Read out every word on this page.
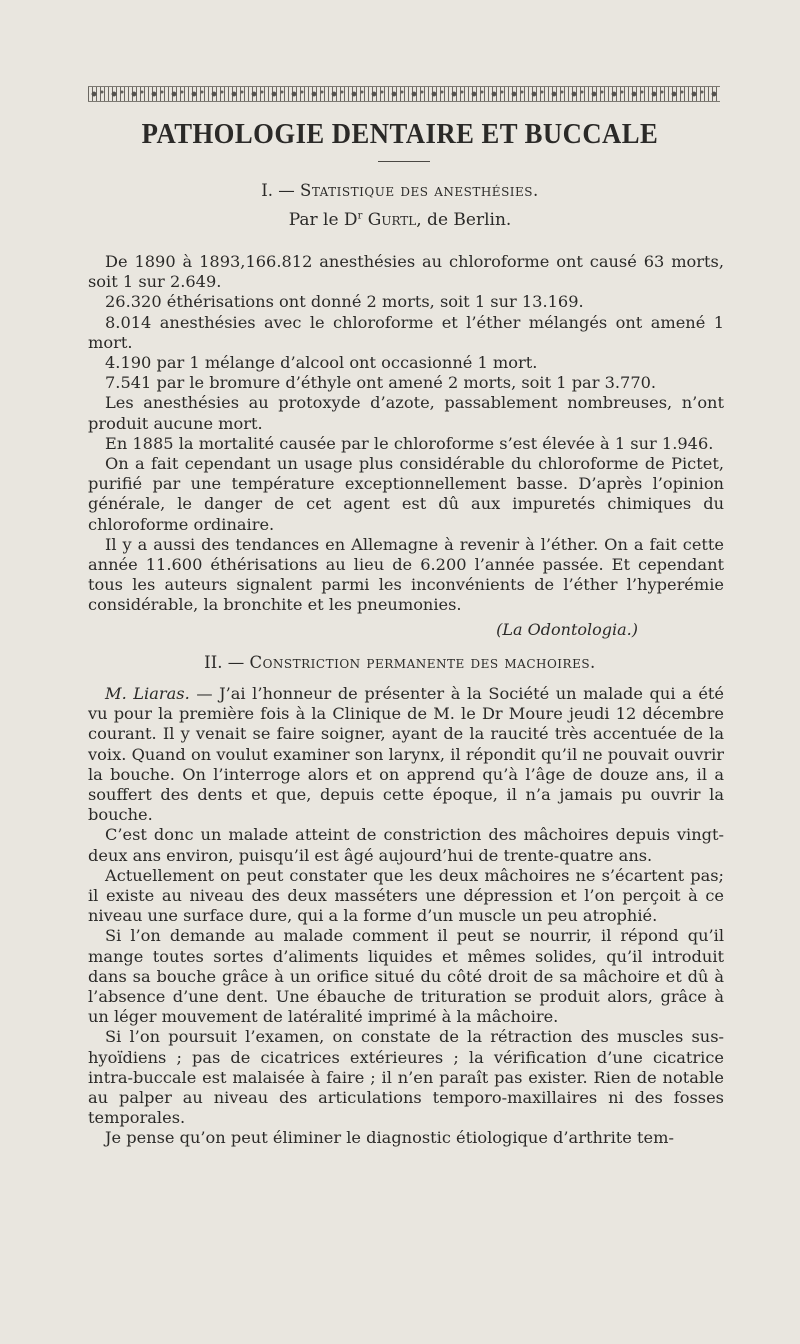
PATHOLOGIE DENTAIRE ET BUCCALE
I. — Statistique des anesthésies.
Par le $D^r$ Gurtl, de Berlin.

De 1890 à 1893,166.812 anesthésies au chloroforme ont causé 63 morts, soit 1 sur 2.649.

26.320 éthérisations ont donné 2 morts, soit 1 sur 13.169.

8.014 anesthésies avec le chloroforme et l’éther mélangés ont amené 1 mort.

4.190 par 1 mélange d’alcool ont occasionné 1 mort.

7.541 par le bromure d’éthyle ont amené 2 morts, soit 1 par 3.770.

Les anesthésies au protoxyde d’azote, passablement nombreuses, n’ont produit aucune mort.

En 1885 la mortalité causée par le chloroforme s’est élevée à 1 sur 1.946.

On a fait cependant un usage plus considérable du chloroforme de Pictet, purifié par une température exceptionnellement basse. D’après l’opinion générale, le danger de cet agent est dû aux impuretés chimiques du chloroforme ordinaire.

Il y a aussi des tendances en Allemagne à revenir à l’éther. On a fait cette année 11.600 éthérisations au lieu de 6.200 l’année passée. Et cependant tous les auteurs signalent parmi les inconvénients de l’éther l’hyperémie considérable, la bronchite et les pneumonies.

(La Odontologia.)
II. — Constriction permanente des machoires.

M. Liaras. — J’ai l’honneur de présenter à la Société un malade qui a été vu pour la première fois à la Clinique de M. le Dr Moure jeudi 12 décembre courant. Il y venait se faire soigner, ayant de la raucité très accentuée de la voix. Quand on voulut examiner son larynx, il répondit qu’il ne pouvait ouvrir la bouche. On l’interroge alors et on apprend qu’à l’âge de douze ans, il a souffert des dents et que, depuis cette époque, il n’a jamais pu ouvrir la bouche.

C’est donc un malade atteint de constriction des mâchoires depuis vingt-deux ans environ, puisqu’il est âgé aujourd’hui de trente-quatre ans.

Actuellement on peut constater que les deux mâchoires ne s’écartent pas; il existe au niveau des deux masséters une dépression et l’on perçoit à ce niveau une surface dure, qui a la forme d’un muscle un peu atrophié.

Si l’on demande au malade comment il peut se nourrir, il répond qu’il mange toutes sortes d’aliments liquides et mêmes solides, qu’il introduit dans sa bouche grâce à un orifice situé du côté droit de sa mâchoire et dû à l’absence d’une dent. Une ébauche de trituration se produit alors, grâce à un léger mouvement de latéralité imprimé à la mâchoire.

Si l’on poursuit l’examen, on constate de la rétraction des muscles sus-hyoïdiens ; pas de cicatrices extérieures ; la vérification d’une cicatrice intra-buccale est malaisée à faire ; il n’en paraît pas exister. Rien de notable au palper au niveau des articulations temporo-maxillaires ni des fosses temporales.

Je pense qu’on peut éliminer le diagnostic étiologique d’arthrite tem-
